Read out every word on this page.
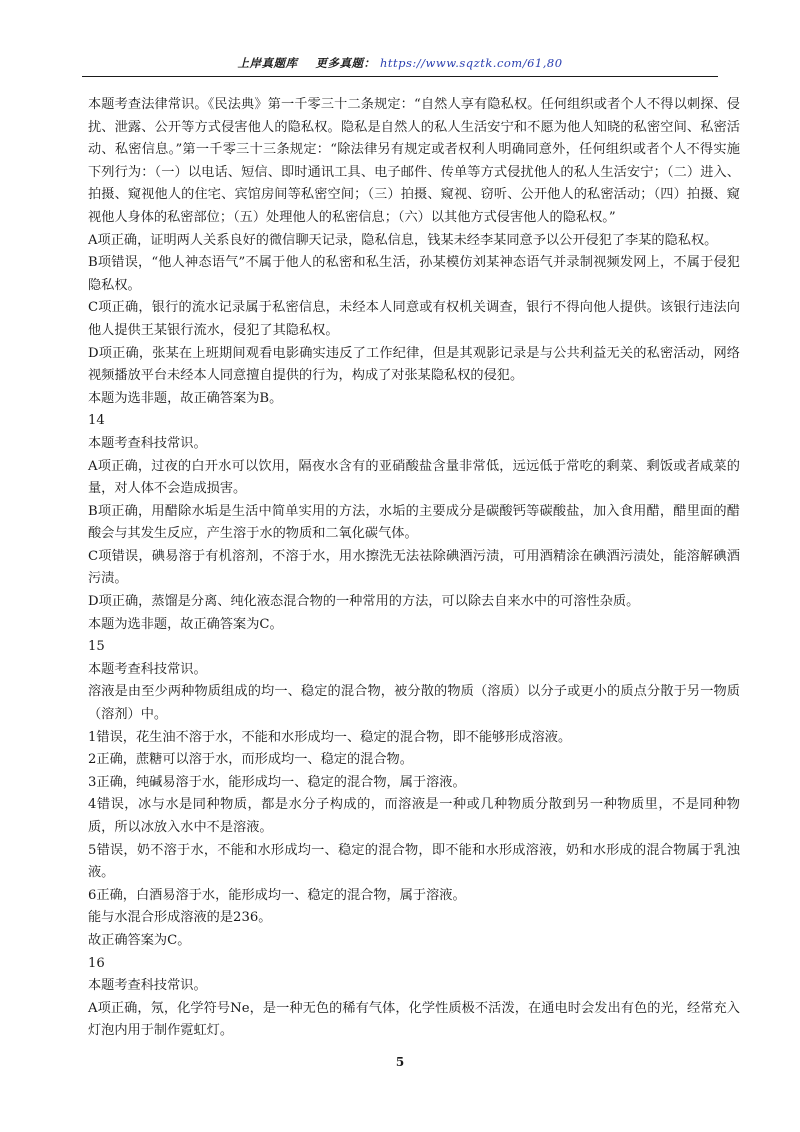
上岸真题库 更多真题： https://www.sqztk.com/61,80

本题考查法律常识。《民法典》第一千零三十二条规定：“自然人享有隐私权。任何组织或者个人不得以刺探、侵扰、泄露、公开等方式侵害他人的隐私权。隐私是自然人的私人生活安宁和不愿为他人知晓的私密空间、私密活动、私密信息。”第一千零三十三条规定：“除法律另有规定或者权利人明确同意外，任何组织或者个人不得实施下列行为：（一）以电话、短信、即时通讯工具、电子邮件、传单等方式侵扰他人的私人生活安宁；（二）进入、拍摄、窥视他人的住宅、宾馆房间等私密空间；（三）拍摄、窥视、窃听、公开他人的私密活动；（四）拍摄、窥视他人身体的私密部位；（五）处理他人的私密信息；（六）以其他方式侵害他人的隐私权。”

A项正确，证明两人关系良好的微信聊天记录，隐私信息，钱某未经李某同意予以公开侵犯了李某的隐私权。

B项错误，“他人神态语气”不属于他人的私密和私生活，孙某模仿刘某神态语气并录制视频发网上，不属于侵犯隐私权。

C项正确，银行的流水记录属于私密信息，未经本人同意或有权机关调查，银行不得向他人提供。该银行违法向他人提供王某银行流水，侵犯了其隐私权。

D项正确，张某在上班期间观看电影确实违反了工作纪律，但是其观影记录是与公共利益无关的私密活动，网络视频播放平台未经本人同意擅自提供的行为，构成了对张某隐私权的侵犯。

本题为选非题，故正确答案为B。

14

本题考查科技常识。

A项正确，过夜的白开水可以饮用，隔夜水含有的亚硝酸盐含量非常低，远远低于常吃的剩菜、剩饭或者咸菜的量，对人体不会造成损害。

B项正确，用醋除水垢是生活中简单实用的方法，水垢的主要成分是碳酸钙等碳酸盐，加入食用醋，醋里面的醋酸会与其发生反应，产生溶于水的物质和二氧化碳气体。

C项错误，碘易溶于有机溶剂，不溶于水，用水擦洗无法祛除碘酒污渍，可用酒精涂在碘酒污渍处，能溶解碘酒污渍。

D项正确，蒸馏是分离、纯化液态混合物的一种常用的方法，可以除去自来水中的可溶性杂质。

本题为选非题，故正确答案为C。

15

本题考查科技常识。

溶液是由至少两种物质组成的均一、稳定的混合物，被分散的物质（溶质）以分子或更小的质点分散于另一物质（溶剂）中。

1错误，花生油不溶于水，不能和水形成均一、稳定的混合物，即不能够形成溶液。

2正确，蔗糖可以溶于水，而形成均一、稳定的混合物。

3正确，纯碱易溶于水，能形成均一、稳定的混合物，属于溶液。

4错误，冰与水是同种物质，都是水分子构成的，而溶液是一种或几种物质分散到另一种物质里，不是同种物质，所以冰放入水中不是溶液。

5错误，奶不溶于水，不能和水形成均一、稳定的混合物，即不能和水形成溶液，奶和水形成的混合物属于乳浊液。

6正确，白酒易溶于水，能形成均一、稳定的混合物，属于溶液。

能与水混合形成溶液的是236。

故正确答案为C。

16

本题考查科技常识。

A项正确，氖，化学符号Ne，是一种无色的稀有气体，化学性质极不活泼，在通电时会发出有色的光，经常充入灯泡内用于制作霓虹灯。

5
